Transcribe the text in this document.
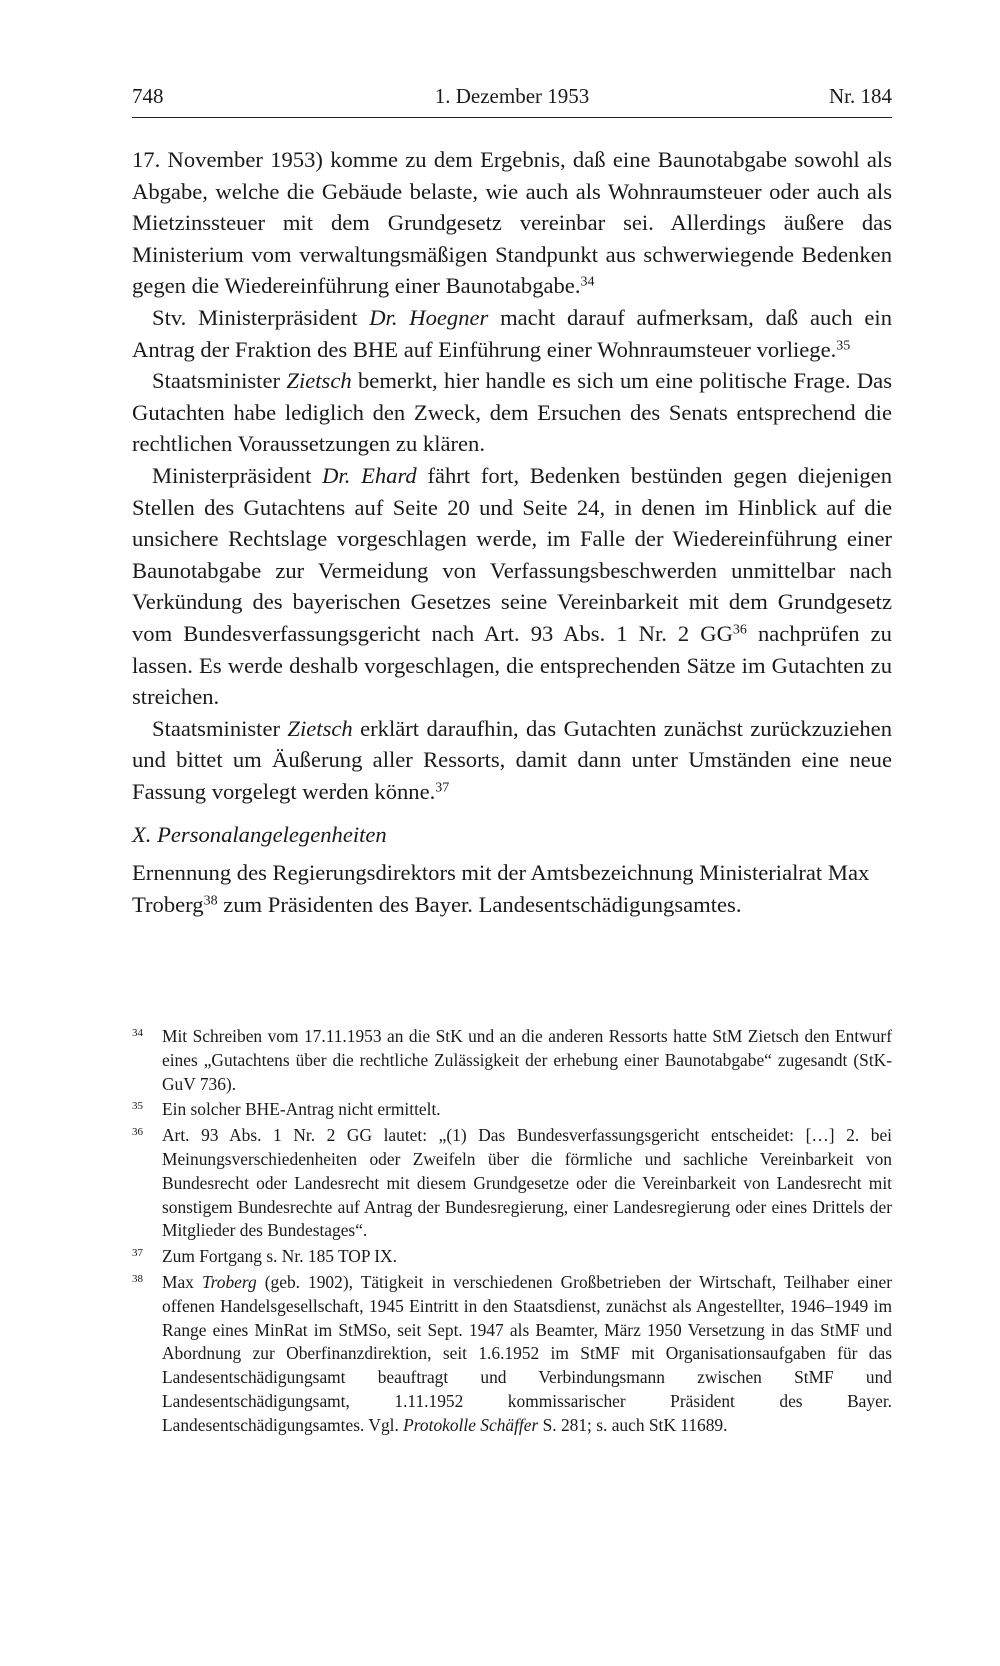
748	1. Dezember 1953	Nr. 184

17. November 1953) komme zu dem Ergebnis, daß eine Baunotabgabe sowohl als Abgabe, welche die Gebäude belaste, wie auch als Wohnraumsteuer oder auch als Mietzinssteuer mit dem Grundgesetz vereinbar sei. Allerdings äußere das Ministerium vom verwaltungsmäßigen Standpunkt aus schwerwiegende Bedenken gegen die Wiedereinführung einer Baunotabgabe.$^{34}$

Stv. Ministerpräsident Dr. Hoegner macht darauf aufmerksam, daß auch ein Antrag der Fraktion des BHE auf Einführung einer Wohnraumsteuer vorliege.$^{35}$

Staatsminister Zietsch bemerkt, hier handle es sich um eine politische Frage. Das Gutachten habe lediglich den Zweck, dem Ersuchen des Senats entsprechend die rechtlichen Voraussetzungen zu klären.

Ministerpräsident Dr. Ehard fährt fort, Bedenken bestünden gegen diejenigen Stellen des Gutachtens auf Seite 20 und Seite 24, in denen im Hinblick auf die unsichere Rechtslage vorgeschlagen werde, im Falle der Wiedereinführung einer Baunotabgabe zur Vermeidung von Verfassungsbeschwerden unmittelbar nach Verkündung des bayerischen Gesetzes seine Vereinbarkeit mit dem Grundgesetz vom Bundesverfassungsgericht nach Art. 93 Abs. 1 Nr. 2 GG$^{36}$ nachprüfen zu lassen. Es werde deshalb vorgeschlagen, die entsprechenden Sätze im Gutachten zu streichen.

Staatsminister Zietsch erklärt daraufhin, das Gutachten zunächst zurückzuziehen und bittet um Äußerung aller Ressorts, damit dann unter Umständen eine neue Fassung vorgelegt werden könne.$^{37}$

X. Personalangelegenheiten

Ernennung des Regierungsdirektors mit der Amtsbezeichnung Ministerialrat Max Troberg$^{38}$ zum Präsidenten des Bayer. Landesentschädigungsamtes.

34 Mit Schreiben vom 17.11.1953 an die StK und an die anderen Ressorts hatte StM Zietsch den Entwurf eines „Gutachtens über die rechtliche Zulässigkeit der erhebung einer Baunotabgabe“ zugesandt (StK-GuV 736).
35 Ein solcher BHE-Antrag nicht ermittelt.
36 Art. 93 Abs. 1 Nr. 2 GG lautet: „(1) Das Bundesverfassungsgericht entscheidet: […] 2. bei Meinungsverschiedenheiten oder Zweifeln über die förmliche und sachliche Vereinbarkeit von Bundesrecht oder Landesrecht mit diesem Grundgesetze oder die Vereinbarkeit von Landesrecht mit sonstigem Bundesrechte auf Antrag der Bundesregierung, einer Landesregierung oder eines Drittels der Mitglieder des Bundestages“.
37 Zum Fortgang s. Nr. 185 TOP IX.
38 Max Troberg (geb. 1902), Tätigkeit in verschiedenen Großbetrieben der Wirtschaft, Teilhaber einer offenen Handelsgesellschaft, 1945 Eintritt in den Staatsdienst, zunächst als Angestellter, 1946–1949 im Range eines MinRat im StMSo, seit Sept. 1947 als Beamter, März 1950 Versetzung in das StMF und Abordnung zur Oberfinanzdirektion, seit 1.6.1952 im StMF mit Organisationsaufgaben für das Landesentschädigungsamt beauftragt und Verbindungsmann zwischen StMF und Landesentschädigungsamt, 1.11.1952 kommissarischer Präsident des Bayer. Landesentschädigungsamtes. Vgl. Protokolle Schäffer S. 281; s. auch StK 11689.
